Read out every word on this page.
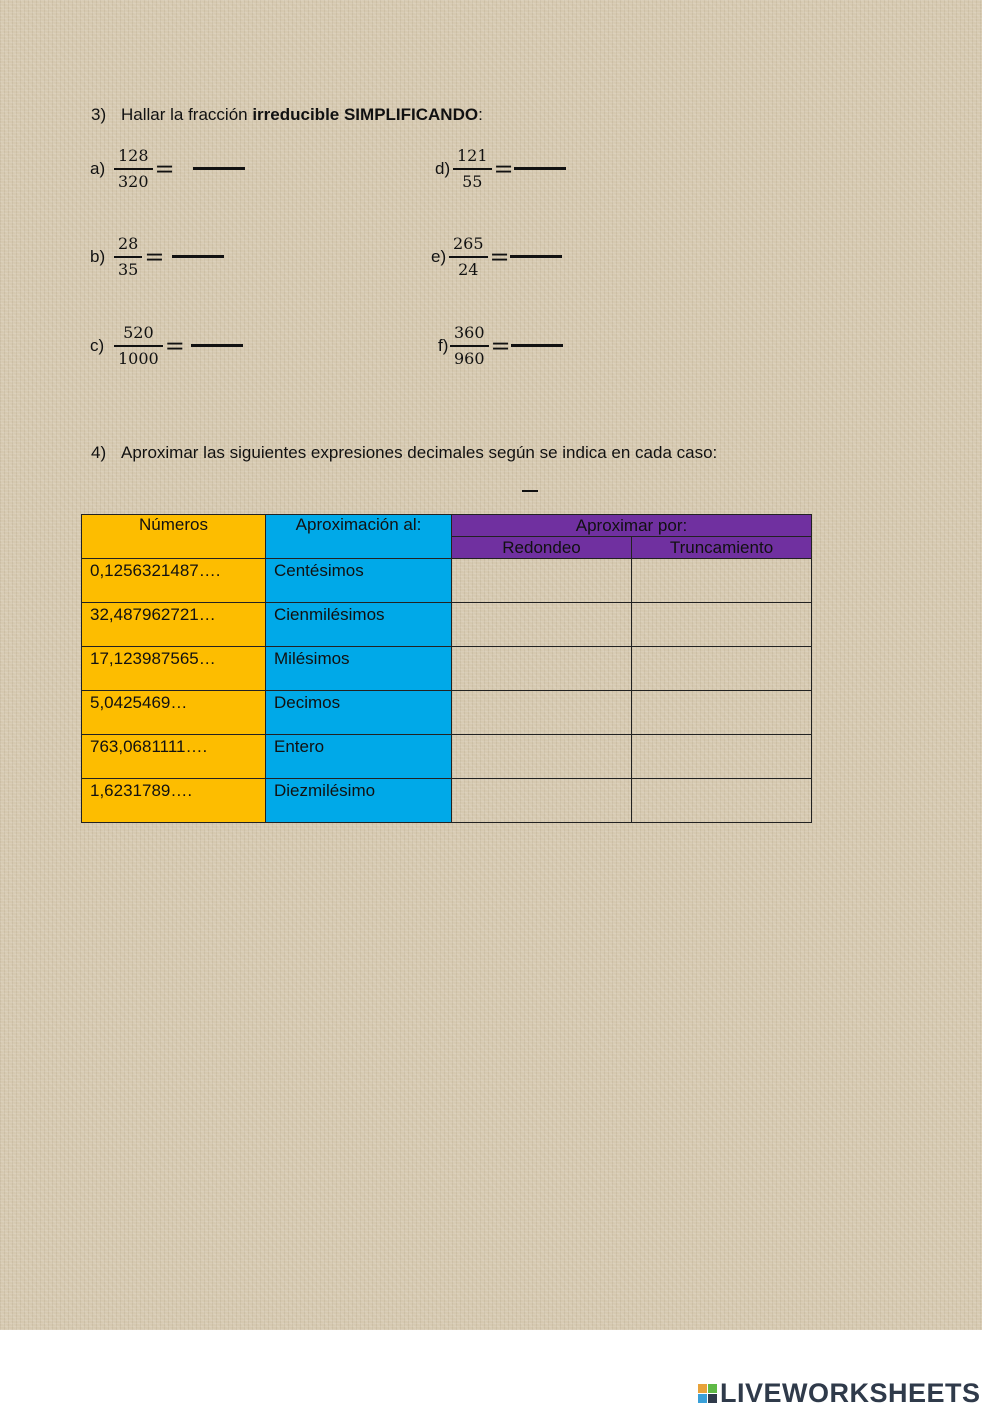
3) Hallar la fracción irreducible SIMPLIFICANDO:
$a) \frac{128}{320}$ =
$b) \frac{28}{35}$ =
$c) \frac{520}{1000}$ =
$d) \frac{121}{55}$ =
$e) \frac{265}{24}$ =
$f) \frac{360}{960}$ =
4) Aproximar las siguientes expresiones decimales según se indica en cada caso:
Números	Aproximación al:	Aproximar por:	
		Redondeo	Truncamiento

0,1256321487….	Centésimos		

32,487962721…	Cienmilésimos		

17,123987565…	Milésimos		

5,0425469…	Decimos		

763,0681111….	Entero		

1,6231789….	Diezmilésimo		

LIVEWORKSHEETS
